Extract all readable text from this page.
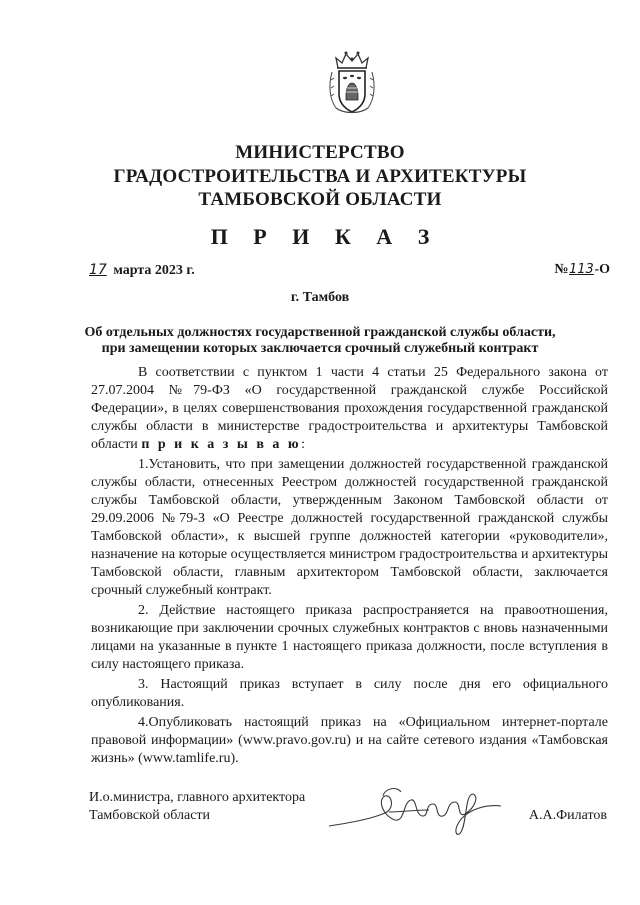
МИНИСТЕРСТВО
ГРАДОСТРОИТЕЛЬСТВА И АРХИТЕКТУРЫ
ТАМБОВСКОЙ ОБЛАСТИ
П Р И К А З
17 марта 2023 г.	№113-О
г. Тамбов
Об отдельных должностях государственной гражданской службы области,
при замещении которых заключается срочный служебный контракт

В соответствии с пунктом 1 части 4 статьи 25 Федерального закона от 27.07.2004 №79-ФЗ «О государственной гражданской службе Российской Федерации», в целях совершенствования прохождения государственной гражданской службы области в министерстве градостроительства и архитектуры Тамбовской области п р и к а з ы в а ю:

1.Установить, что при замещении должностей государственной гражданской службы области, отнесенных Реестром должностей государственной гражданской службы Тамбовской области, утвержденным Законом Тамбовской области от 29.09.2006 №79-З «О Реестре должностей государственной гражданской службы Тамбовской области», к высшей группе должностей категории «руководители», назначение на которые осуществляется министром градостроительства и архитектуры Тамбовской области, главным архитектором Тамбовской области, заключается срочный служебный контракт.

2. Действие настоящего приказа распространяется на правоотношения, возникающие при заключении срочных служебных контрактов с вновь назначенными лицами на указанные в пункте 1 настоящего приказа должности, после вступления в силу настоящего приказа.

3. Настоящий приказ вступает в силу после дня его официального опубликования.

4.Опубликовать настоящий приказ на «Официальном интернет-портале правовой информации» (www.pravo.gov.ru) и на сайте сетевого издания «Тамбовская жизнь» (www.tamlife.ru).

И.о.министра, главного архитектора
Тамбовской области	А.А.Филатов
